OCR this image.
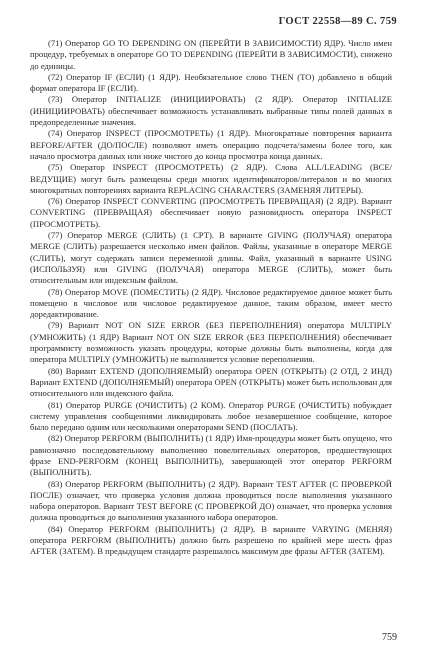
ГОСТ 22558—89 С. 759

(71) Оператор GO TO DEPENDING ON (ПЕРЕЙТИ В ЗАВИСИМОСТИ) ЯДР). Число имен процедур, требуемых в операторе GO TO DEPENDING (ПЕРЕЙТИ В ЗАВИСИМОСТИ), снижено до единицы.

(72) Оператор IF (ЕСЛИ) (1 ЯДР). Необязательное слово THEN (ТО) добавлено в общий формат оператора IF (ЕСЛИ).

(73) Оператор INITIALIZE (ИНИЦИИРОВАТЬ) (2 ЯДР). Оператор INITIALIZE (ИНИЦИИРОВАТЬ) обеспечивает возможность устанавливать выбранные типы полей данных в предопределенные значения.

(74) Оператор INSPECT (ПРОСМОТРЕТЬ) (1 ЯДР). Многократные повторения варианта BEFORE/AFTER (ДО/ПОСЛЕ) позволяют иметь операцию подсчета/замены более того, как начало просмотра данных или ниже чистого до конца просмотра конца данных.

(75) Оператор INSPECT (ПРОСМОТРЕТЬ) (2 ЯДР). Слова ALL/LEADING (ВСЕ/ВЕДУЩИЕ) могут быть размещены среди многих идентификаторов/литералов и во многих многократных повторениях варианта REPLACING CHARACTERS (ЗАМЕНЯЯ ЛИТЕРЫ).

(76) Оператор INSPECT CONVERTING (ПРОСМОТРЕТЬ ПРЕВРАЩАЯ) (2 ЯДР). Вариант CONVERTING (ПРЕВРАЩАЯ) обеспечивает новую разновидность оператора INSPECT (ПРОСМОТРЕТЬ).

(77) Оператор MERGE (СЛИТЬ) (1 СРТ). В варианте GIVING (ПОЛУЧАЯ) оператора MERGE (СЛИТЬ) разрешается несколько имен файлов. Файлы, указанные в операторе MERGE (СЛИТЬ), могут содержать записи переменной длины. Файл, указанный в варианте USING (ИСПОЛЬЗУЯ) или GIVING (ПОЛУЧАЯ) оператора MERGE (СЛИТЬ), может быть относительным или индексным файлом.

(78) Оператор MOVE (ПОМЕСТИТЬ) (2 ЯДР). Числовое редактируемое данное может быть помещено в числовое или числовое редактируемое данное, таким образом, имеет место доредактирование.

(79) Вариант NOT ON SIZE ERROR (БЕЗ ПЕРЕПОЛНЕНИЯ) оператора MULTIPLY (УМНОЖИТЬ) (1 ЯДР) Вариант NOT ON SIZE ERROR (БЕЗ ПЕРЕПОЛНЕНИЯ) обеспечивает программисту возможность указать процедуры, которые должны быть выполнены, когда для оператора MULTIPLY (УМНОЖИТЬ) не выполняется условие переполнения.

(80) Вариант EXTEND (ДОПОЛНЯЕМЫЙ) оператора OPEN (ОТКРЫТЬ) (2 ОТД, 2 ИНД) Вариант EXTEND (ДОПОЛНЯЕМЫЙ) оператора OPEN (ОТКРЫТЬ) может быть использован для относительного или индексного файла.

(81) Оператор PURGE (ОЧИСТИТЬ) (2 КОМ). Оператор PURGE (ОЧИСТИТЬ) побуждает систему управления сообщениями ликвидировать любое незавершенное сообщение, которое было передано одним или несколькими операторами SEND (ПОСЛАТЬ).

(82) Оператор PERFORM (ВЫПОЛНИТЬ) (1 ЯДР) Имя-процедуры может быть опущено, что равнозначно последовательному выполнению повелительных операторов, предшествующих фразе END-PERFORM (КОНЕЦ ВЫПОЛНИТЬ), завершающей этот оператор PERFORM (ВЫПОЛНИТЬ).

(83) Оператор PERFORM (ВЫПОЛНИТЬ) (2 ЯДР). Вариант TEST AFTER (С ПРОВЕРКОЙ ПОСЛЕ) означает, что проверка условия должна проводиться после выполнения указанного набора операторов. Вариант TEST BEFORE (С ПРОВЕРКОЙ ДО) означает, что проверка условия должна проводиться до выполнения указанного набора операторов.

(84) Оператор PERFORM (ВЫПОЛНИТЬ) (2 ЯДР). В варианте VARYING (МЕНЯЯ) оператора PERFORM (ВЫПОЛНИТЬ) должно быть разрешено по крайней мере шесть фраз AFTER (ЗАТЕМ). В предыдущем стандарте разрешалось максимум две фразы AFTER (ЗАТЕМ).

759
